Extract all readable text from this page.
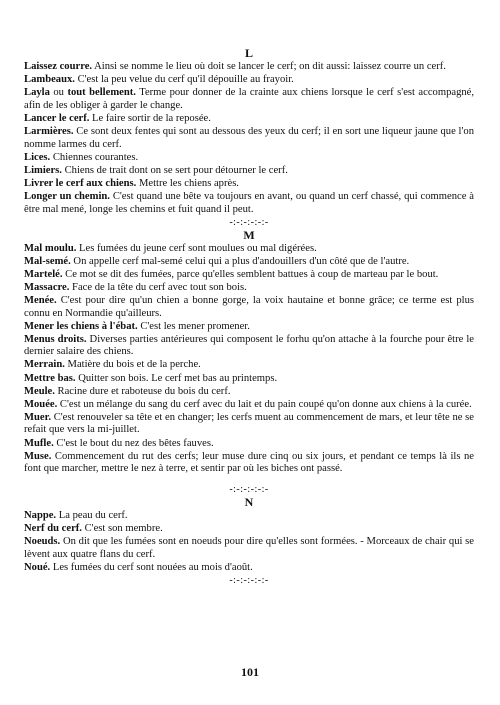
L
Laissez courre. Ainsi se nomme le lieu où doit se lancer le cerf; on dit aussi: laissez courre un cerf.
Lambeaux. C'est la peu velue du cerf qu'il dépouille au frayoir.
Layla ou tout bellement. Terme pour donner de la crainte aux chiens lorsque le cerf s'est accompagné, afin de les obliger à garder le change.
Lancer le cerf. Le faire sortir de la reposée.
Larmières. Ce sont deux fentes qui sont au dessous des yeux du cerf; il en sort une liqueur jaune que l'on nomme larmes du cerf.
Lices. Chiennes courantes.
Limiers. Chiens de trait dont on se sert pour détourner le cerf.
Livrer le cerf aux chiens. Mettre les chiens après.
Longer un chemin. C'est quand une bête va toujours en avant, ou quand un cerf chassé, qui commence à être mal mené, longe les chemins et fuit quand il peut.
-:-:-:-:-:-
M
Mal moulu. Les fumées du jeune cerf sont moulues ou mal digérées.
Mal-semé. On appelle cerf mal-semé celui qui a plus d'andouillers d'un côté que de l'autre.
Martelé. Ce mot se dit des fumées, parce qu'elles semblent battues à coup de marteau par le bout.
Massacre. Face de la tête du cerf avec tout son bois.
Menée. C'est pour dire qu'un chien a bonne gorge, la voix hautaine et bonne grâce; ce terme est plus connu en Normandie qu'ailleurs.
Mener les chiens à l'ébat. C'est les mener promener.
Menus droits. Diverses parties antérieures qui composent le forhu qu'on attache à la fourche pour être le dernier salaire des chiens.
Merrain. Matière du bois et de la perche.
Mettre bas. Quitter son bois. Le cerf met bas au printemps.
Meule. Racine dure et raboteuse du bois du cerf.
Mouée. C'est un mélange du sang du cerf avec du lait et du pain coupé qu'on donne aux chiens à la curée.
Muer. C'est renouveler sa tête et en changer; les cerfs muent au commencement de mars, et leur tête ne se refait que vers la mi-juillet.
Mufle. C'est le bout du nez des bêtes fauves.
Muse. Commencement du rut des cerfs; leur muse dure cinq ou six jours, et pendant ce temps là ils ne font que marcher, mettre le nez à terre, et sentir par où les biches ont passé.
-:-:-:-:-:-
N
Nappe. La peau du cerf.
Nerf du cerf. C'est son membre.
Noeuds. On dit que les fumées sont en noeuds pour dire qu'elles sont formées. - Morceaux de chair qui se lèvent aux quatre flans du cerf.
Noué. Les fumées du cerf sont nouées au mois d'août.
-:-:-:-:-:-
101
